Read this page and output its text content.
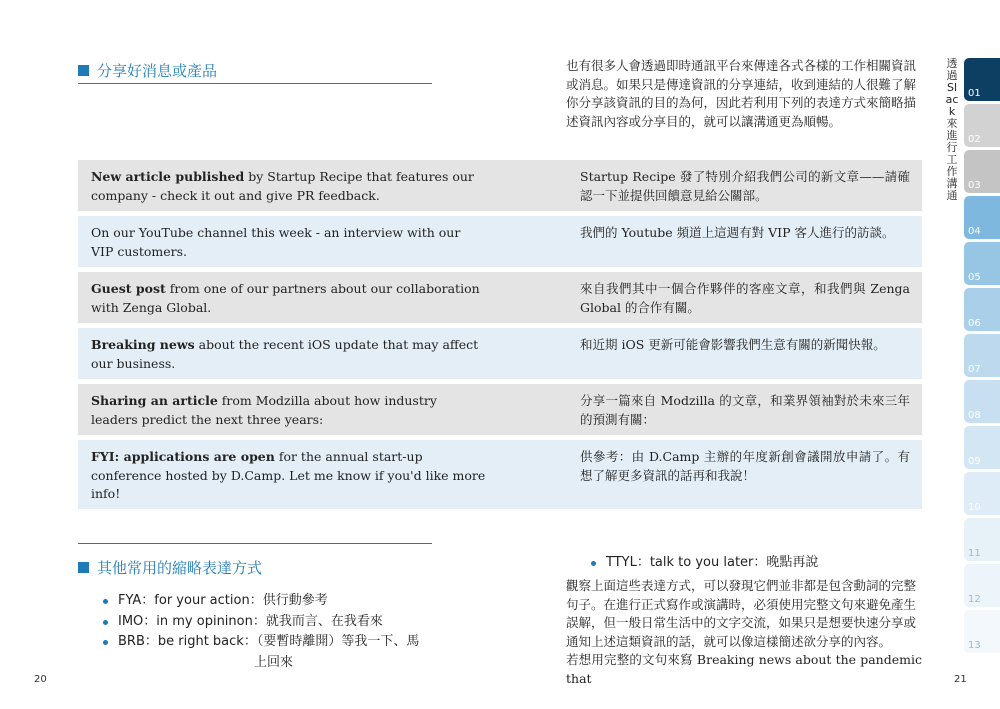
分享好消息或產品	也有很多人會透過即時通訊平台來傳達各式各樣的工作相關資訊
或消息。如果只是傳達資訊的分享連結，收到連結的人很難了解
你分享該資訊的目的為何，因此若利用下列的表達方式來簡略描
述資訊內容或分享目的，就可以讓溝通更為順暢。
New article published by Startup Recipe that features our company - check it out and give PR feedback.
Startup Recipe 發了特別介紹我們公司的新文章——請確認一下並提供回饋意見給公關部。
On our YouTube channel this week - an interview with our VIP customers.
我們的 Youtube 頻道上這週有對 VIP 客人進行的訪談。
Guest post from one of our partners about our collaboration with Zenga Global.
來自我們其中一個合作夥伴的客座文章，和我們與 Zenga Global 的合作有關。
Breaking news about the recent iOS update that may affect our business.
和近期 iOS 更新可能會影響我們生意有關的新聞快報。
Sharing an article from Modzilla about how industry leaders predict the next three years:
分享一篇來自 Modzilla 的文章，和業界領袖對於未來三年的預測有關：
FYI: applications are open for the annual start-up conference hosted by D.Camp. Let me know if you'd like more info!
供參考：由 D.Camp 主辦的年度新創會議開放申請了。有想了解更多資訊的話再和我說！
其他常用的縮略表達方式
FYA：for your action：供行動參考
IMO：in my opininon：就我而言、在我看來
BRB：be right back：（要暫時離開）等我一下、馬
上回來
TTYL：talk to you later：晚點再說
觀察上面這些表達方式，可以發現它們並非都是包含動詞的完整
句子。在進行正式寫作或演講時，必須使用完整文句來避免產生
誤解，但一般日常生活中的文字交流，如果只是想要快速分享或
通知上述這類資訊的話，就可以像這樣簡述欲分享的內容。
若想用完整的文句來寫 Breaking news about the pandemic that
20	21
透過 Slack 來進行工作溝通
01
02
03
04
05
06
07
08
09
10
11
12
13
